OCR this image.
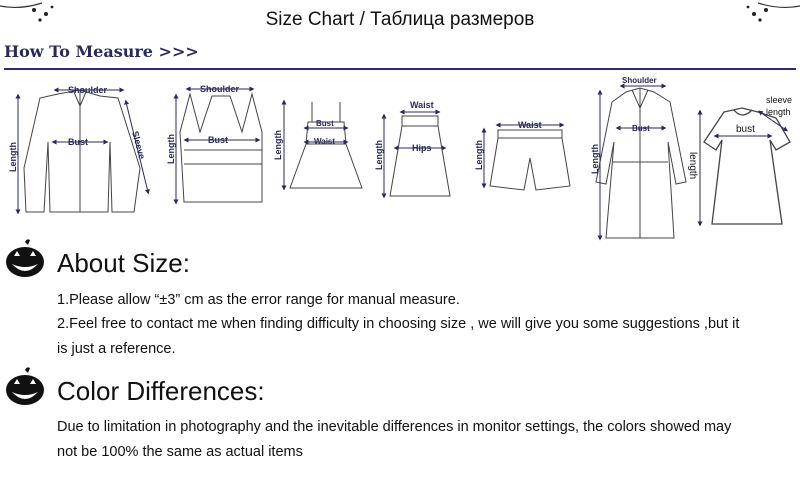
Size Chart / Таблица размеров
How To Measure >>>
Shoulder
Bust
Length	Sleeve
Shoulder
Bust
Length
Bust
Waist
Length
Waist
Hips
Length
Waist
Length
Shoulder
Bust
Length
sleeve
length
bust
length
About Size:
1.Please allow “±3” cm as the error range for manual measure.
2.Feel free to contact me when finding difficulty in choosing size , we will give you some suggestions ,but it
is just a reference.
Color Differences:
Due to limitation in photography and the inevitable differences in monitor settings, the colors showed may
not be 100% the same as actual items
